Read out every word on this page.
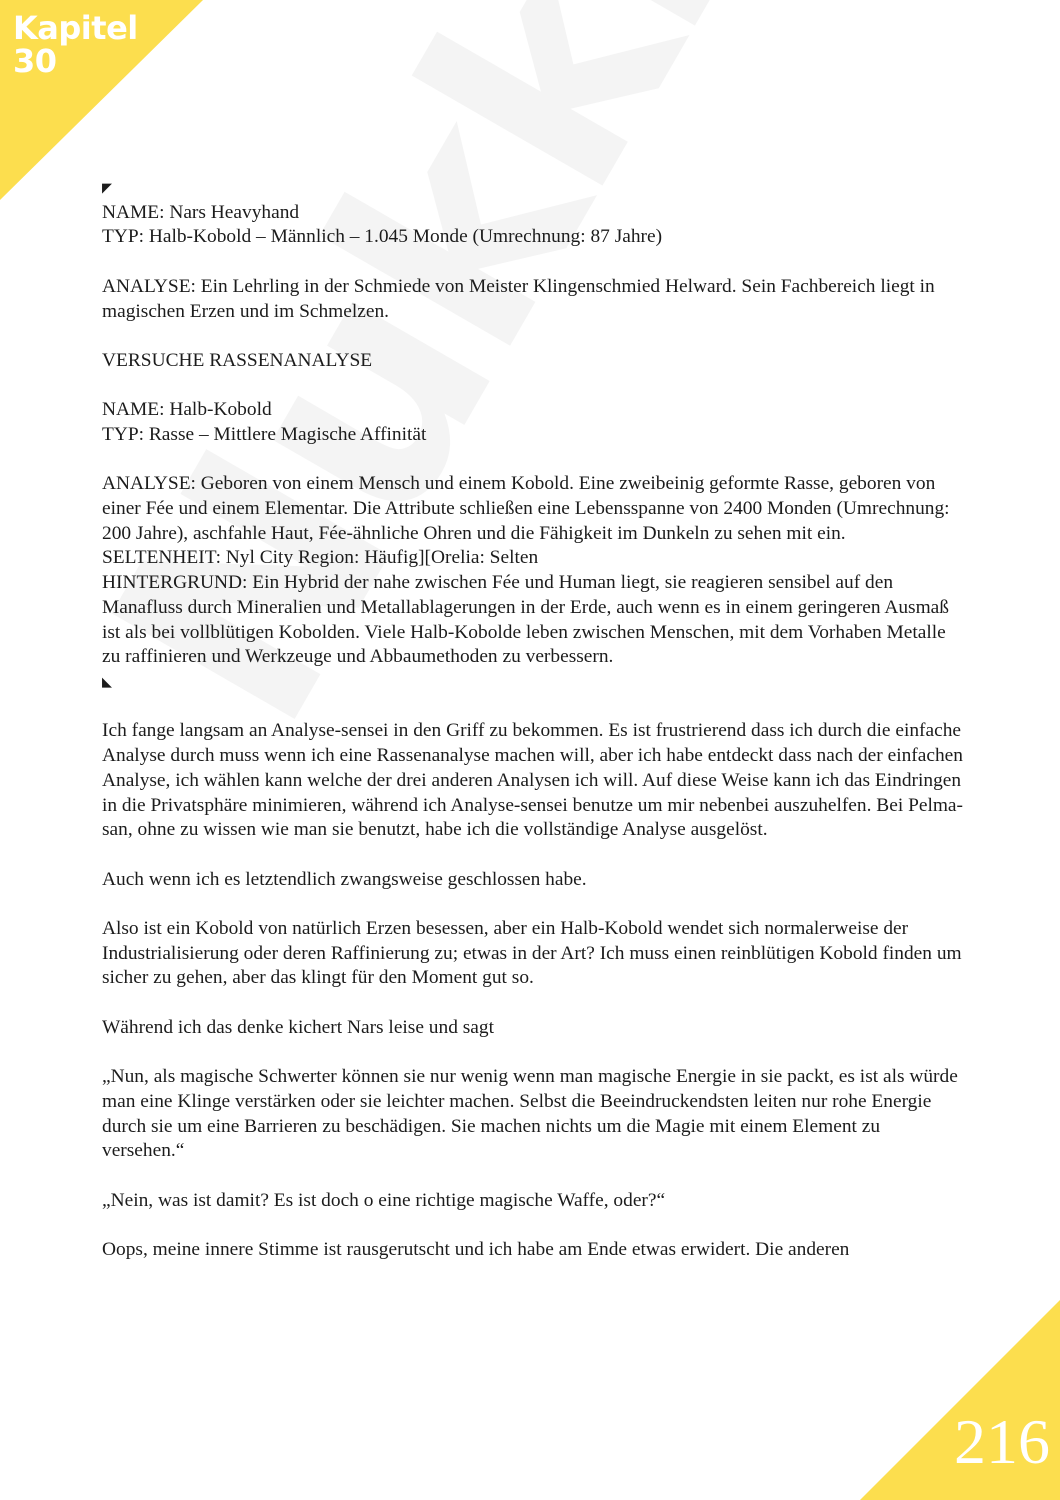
Kapitel
30
◤

NAME: Nars Heavyhand

TYP: Halb-Kobold – Männlich – 1.045 Monde (Umrechnung: 87 Jahre)

ANALYSE: Ein Lehrling in der Schmiede von Meister Klingenschmied Helward. Sein Fachbereich liegt in magischen Erzen und im Schmelzen.

VERSUCHE RASSENANALYSE

NAME: Halb-Kobold

TYP: Rasse – Mittlere Magische Affinität

ANALYSE: Geboren von einem Mensch und einem Kobold. Eine zweibeinig geformte Rasse, geboren von einer Fée und einem Elementar. Die Attribute schließen eine Lebensspanne von 2400 Monden (Umrechnung: 200 Jahre), aschfahle Haut, Fée-ähnliche Ohren und die Fähigkeit im Dunkeln zu sehen mit ein.

SELTENHEIT: Nyl City Region: Häufig][Orelia: Selten

HINTERGRUND: Ein Hybrid der nahe zwischen Fée und Human liegt, sie reagieren sensibel auf den Manafluss durch Mineralien und Metallablagerungen in der Erde, auch wenn es in einem geringeren Ausmaß ist als bei vollblütigen Kobolden. Viele Halb-Kobolde leben zwischen Menschen, mit dem Vorhaben Metalle zu raffinieren und Werkzeuge und Abbaumethoden zu verbessern.

◣

Ich fange langsam an Analyse-sensei in den Griff zu bekommen. Es ist frustrierend dass ich durch die einfache Analyse durch muss wenn ich eine Rassenanalyse machen will, aber ich habe entdeckt dass nach der einfachen Analyse, ich wählen kann welche der drei anderen Analysen ich will. Auf diese Weise kann ich das Eindringen in die Privatsphäre minimieren, während ich Analyse-sensei benutze um mir nebenbei auszuhelfen. Bei Pelma-san, ohne zu wissen wie man sie benutzt, habe ich die vollständige Analyse ausgelöst.

Auch wenn ich es letztendlich zwangsweise geschlossen habe.

Also ist ein Kobold von natürlich Erzen besessen, aber ein Halb-Kobold wendet sich normalerweise der Industrialisierung oder deren Raffinierung zu; etwas in der Art? Ich muss einen reinblütigen Kobold finden um sicher zu gehen, aber das klingt für den Moment gut so.

Während ich das denke kichert Nars leise und sagt

„Nun, als magische Schwerter können sie nur wenig wenn man magische Energie in sie packt, es ist als würde man eine Klinge verstärken oder sie leichter machen. Selbst die Beeindruckendsten leiten nur rohe Energie durch sie um eine Barrieren zu beschädigen. Sie machen nichts um die Magie mit einem Element zu versehen.“

„Nein, was ist damit? Es ist doch o eine richtige magische Waffe, oder?“

Oops, meine innere Stimme ist rausgerutscht und ich habe am Ende etwas erwidert. Die anderen

216
